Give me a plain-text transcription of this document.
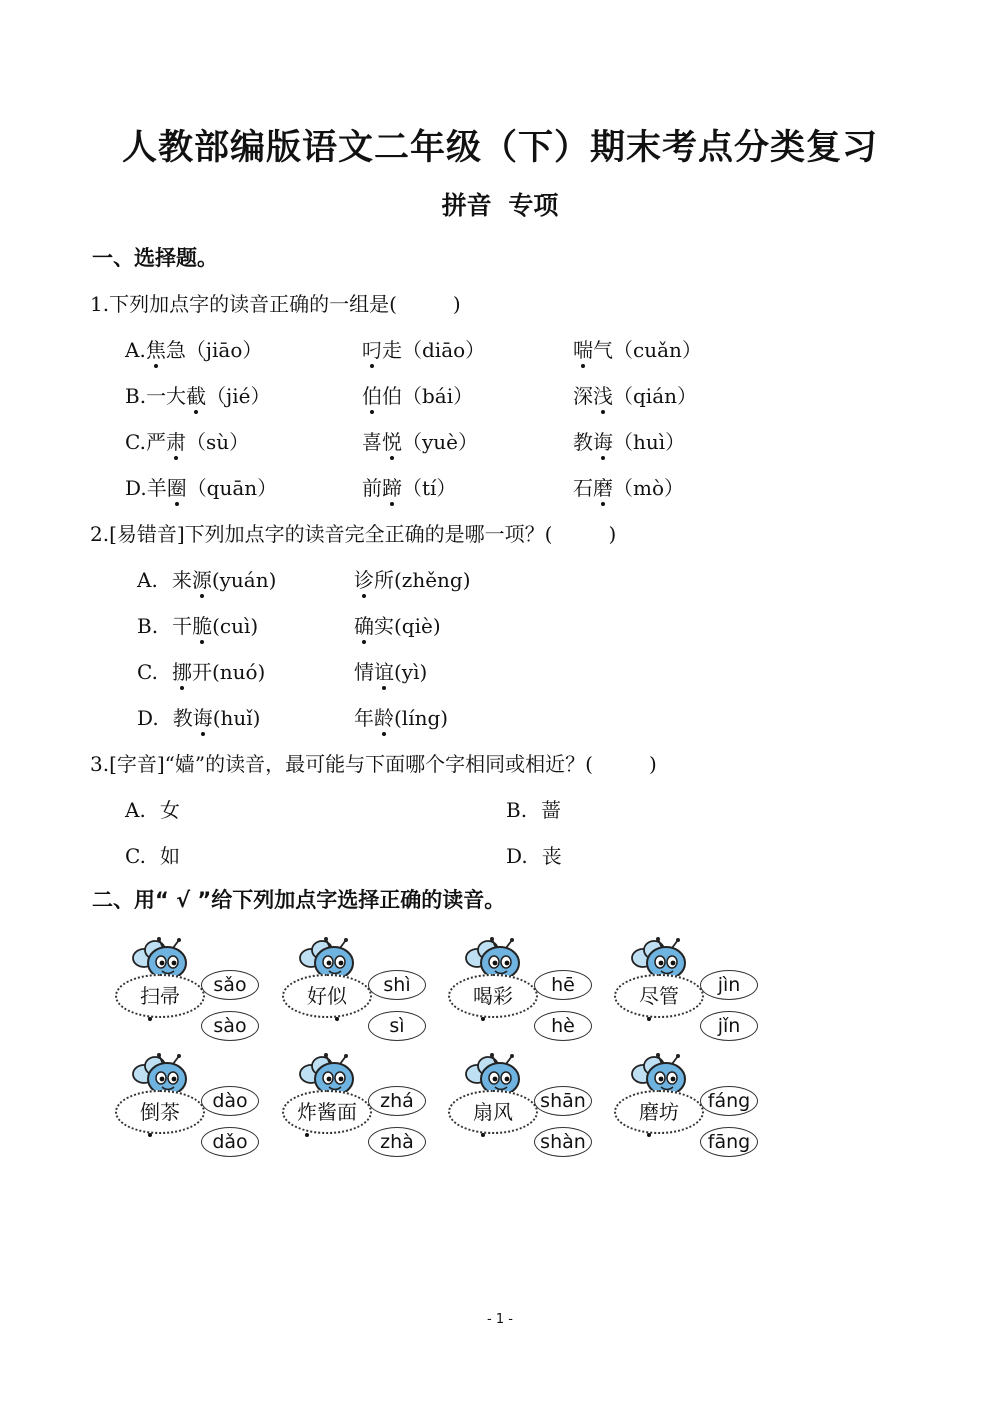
人教部编版语文二年级（下）期末考点分类复习
拼音 专项
一、选择题。
1.下列加点字的读音正确的一组是(	)
A.焦急（jiāo）	叼走（diāo）	喘气（cuǎn）
B.一大截（jié）	伯伯（bái）	深浅（qián）
C.严肃（sù）	喜悦（yuè）	教诲（huì）
D.羊圈（quān）	前蹄（tí）	石磨（mò）
2.[易错音]下列加点字的读音完全正确的是哪一项？(	)
A. 来源(yuán)	诊所(zhěng)
B. 干脆(cuì)	确实(qiè)
C. 挪开(nuó)	情谊(yì)
D. 教诲(huǐ)	年龄(líng)
3.[字音]“嫱”的读音，最可能与下面哪个字相同或相近？(	)
A. 女	B. 蔷
C. 如	D. 丧
二、用“ √ ”给下列加点字选择正确的读音。
扫帚	sǎo
sào
好似	shì
sì
喝彩	hē
hè
尽管	jìn
jǐn
倒茶	dào
dǎo
炸酱面	zhá
zhà
扇风	shān
shàn
磨坊	fáng
fāng
- 1 -
